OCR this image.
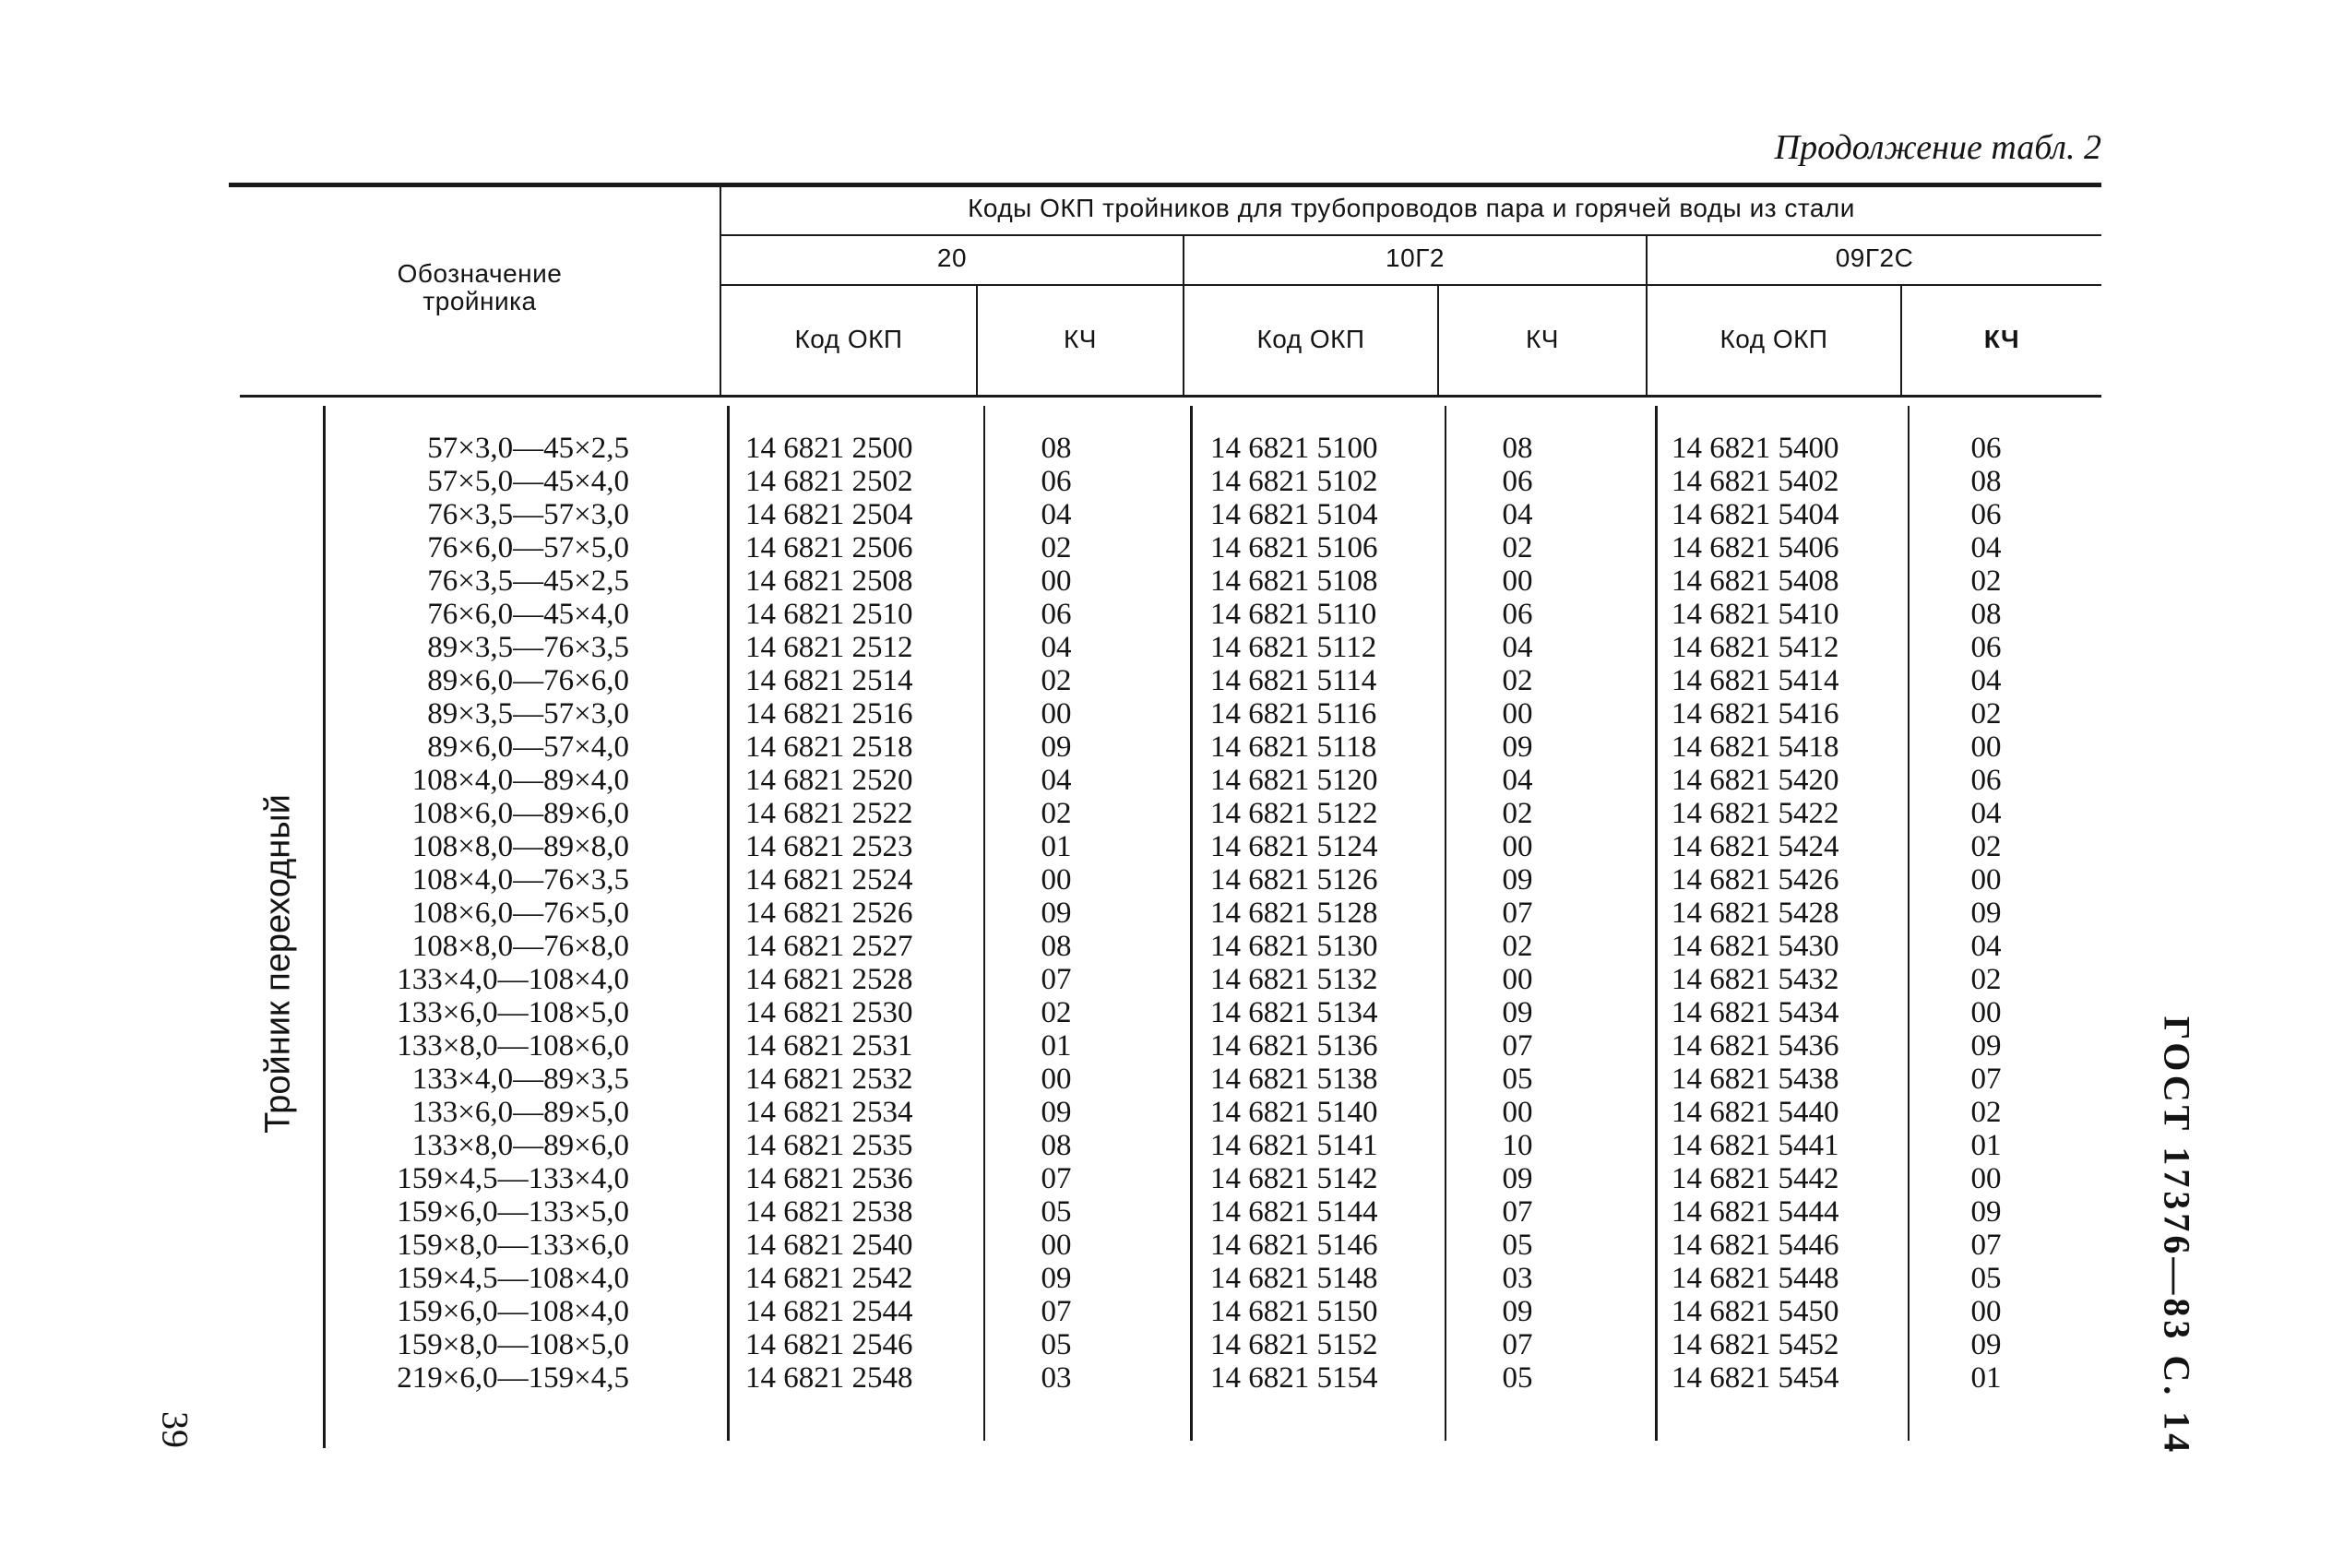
Продолжение табл. 2
Обозначение тройника
Коды ОКП тройников для трубопроводов пара и горячей воды из стали
20	10Г2	09Г2С
Код ОКП	КЧ	Код ОКП	КЧ	Код ОКП	КЧ
Тройник переходный
57×3,0—45×2,5	14 6821 2500	08	14 6821 5100	08	14 6821 5400	06
57×5,0—45×4,0	14 6821 2502	06	14 6821 5102	06	14 6821 5402	08
76×3,5—57×3,0	14 6821 2504	04	14 6821 5104	04	14 6821 5404	06
76×6,0—57×5,0	14 6821 2506	02	14 6821 5106	02	14 6821 5406	04
76×3,5—45×2,5	14 6821 2508	00	14 6821 5108	00	14 6821 5408	02
76×6,0—45×4,0	14 6821 2510	06	14 6821 5110	06	14 6821 5410	08
89×3,5—76×3,5	14 6821 2512	04	14 6821 5112	04	14 6821 5412	06
89×6,0—76×6,0	14 6821 2514	02	14 6821 5114	02	14 6821 5414	04
89×3,5—57×3,0	14 6821 2516	00	14 6821 5116	00	14 6821 5416	02
89×6,0—57×4,0	14 6821 2518	09	14 6821 5118	09	14 6821 5418	00
108×4,0—89×4,0	14 6821 2520	04	14 6821 5120	04	14 6821 5420	06
108×6,0—89×6,0	14 6821 2522	02	14 6821 5122	02	14 6821 5422	04
108×8,0—89×8,0	14 6821 2523	01	14 6821 5124	00	14 6821 5424	02
108×4,0—76×3,5	14 6821 2524	00	14 6821 5126	09	14 6821 5426	00
108×6,0—76×5,0	14 6821 2526	09	14 6821 5128	07	14 6821 5428	09
108×8,0—76×8,0	14 6821 2527	08	14 6821 5130	02	14 6821 5430	04
133×4,0—108×4,0	14 6821 2528	07	14 6821 5132	00	14 6821 5432	02
133×6,0—108×5,0	14 6821 2530	02	14 6821 5134	09	14 6821 5434	00
133×8,0—108×6,0	14 6821 2531	01	14 6821 5136	07	14 6821 5436	09
133×4,0—89×3,5	14 6821 2532	00	14 6821 5138	05	14 6821 5438	07
133×6,0—89×5,0	14 6821 2534	09	14 6821 5140	00	14 6821 5440	02
133×8,0—89×6,0	14 6821 2535	08	14 6821 5141	10	14 6821 5441	01
159×4,5—133×4,0	14 6821 2536	07	14 6821 5142	09	14 6821 5442	00
159×6,0—133×5,0	14 6821 2538	05	14 6821 5144	07	14 6821 5444	09
159×8,0—133×6,0	14 6821 2540	00	14 6821 5146	05	14 6821 5446	07
159×4,5—108×4,0	14 6821 2542	09	14 6821 5148	03	14 6821 5448	05
159×6,0—108×4,0	14 6821 2544	07	14 6821 5150	09	14 6821 5450	00
159×8,0—108×5,0	14 6821 2546	05	14 6821 5152	07	14 6821 5452	09
219×6,0—159×4,5	14 6821 2548	03	14 6821 5154	05	14 6821 5454	01	ГОСТ 17376—83 С. 14
39
